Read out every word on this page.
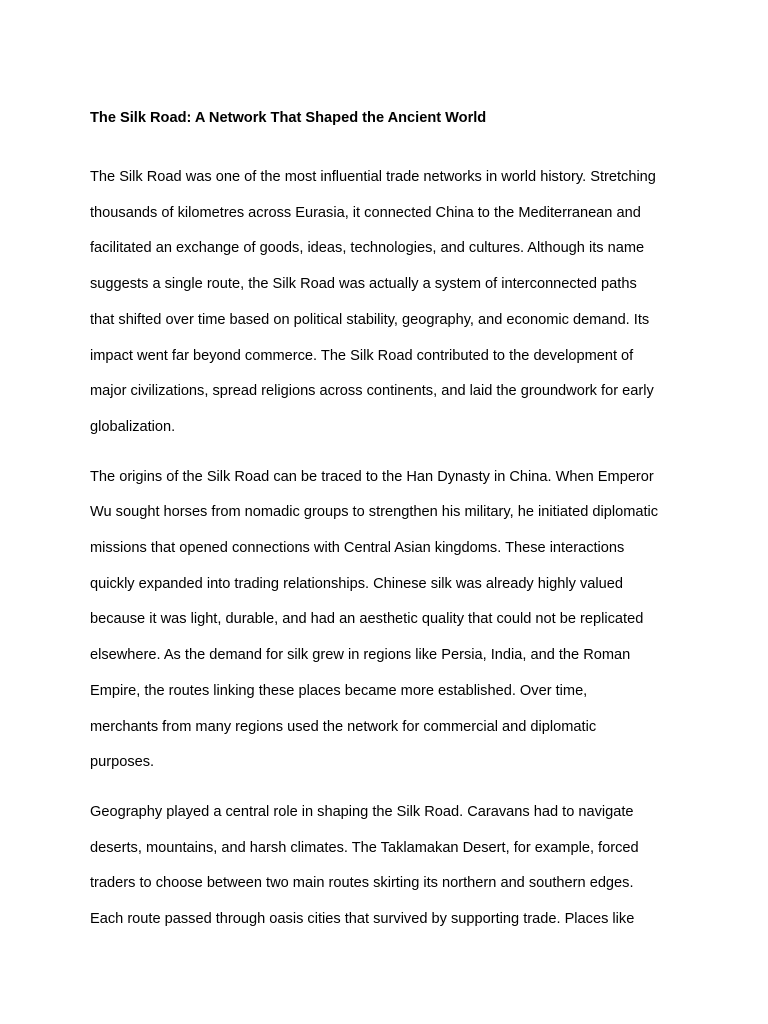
The Silk Road: A Network That Shaped the Ancient World
The Silk Road was one of the most influential trade networks in world history. Stretching
thousands of kilometres across Eurasia, it connected China to the Mediterranean and
facilitated an exchange of goods, ideas, technologies, and cultures. Although its name
suggests a single route, the Silk Road was actually a system of interconnected paths
that shifted over time based on political stability, geography, and economic demand. Its
impact went far beyond commerce. The Silk Road contributed to the development of
major civilizations, spread religions across continents, and laid the groundwork for early
globalization.
The origins of the Silk Road can be traced to the Han Dynasty in China. When Emperor
Wu sought horses from nomadic groups to strengthen his military, he initiated diplomatic
missions that opened connections with Central Asian kingdoms. These interactions
quickly expanded into trading relationships. Chinese silk was already highly valued
because it was light, durable, and had an aesthetic quality that could not be replicated
elsewhere. As the demand for silk grew in regions like Persia, India, and the Roman
Empire, the routes linking these places became more established. Over time,
merchants from many regions used the network for commercial and diplomatic
purposes.
Geography played a central role in shaping the Silk Road. Caravans had to navigate
deserts, mountains, and harsh climates. The Taklamakan Desert, for example, forced
traders to choose between two main routes skirting its northern and southern edges.
Each route passed through oasis cities that survived by supporting trade. Places like
